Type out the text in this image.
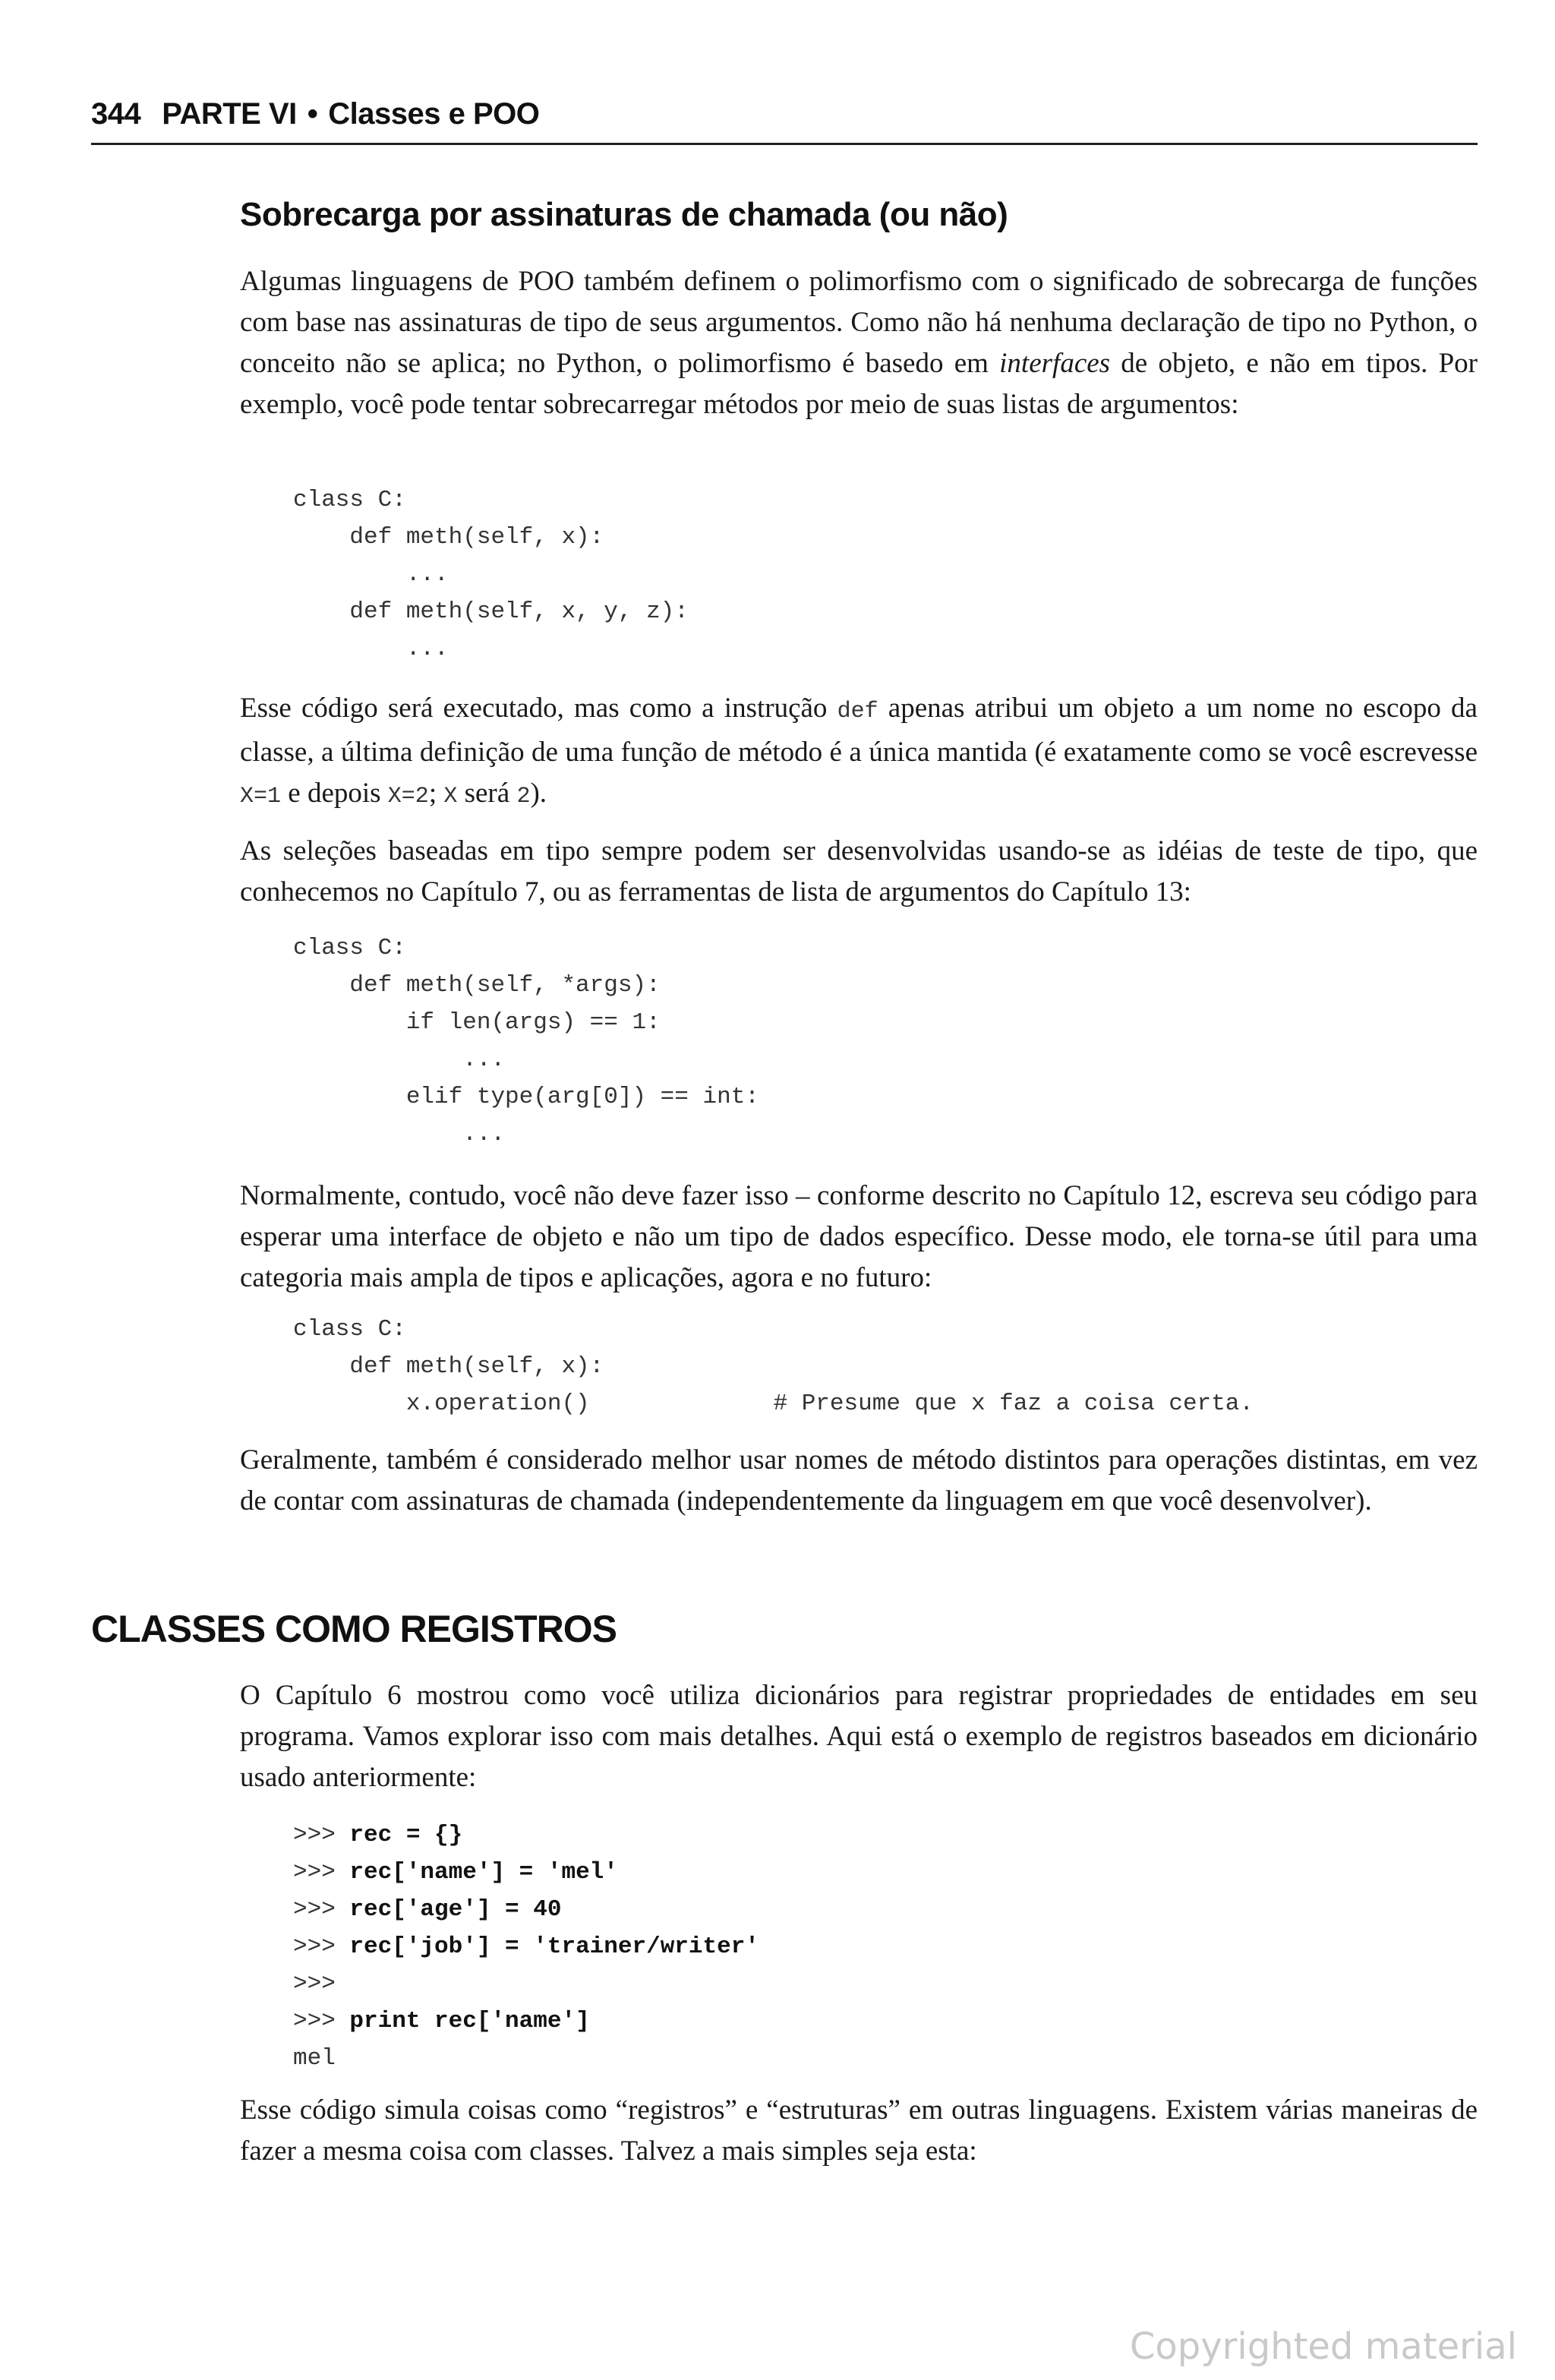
344 PARTE VI • Classes e POO
Sobrecarga por assinaturas de chamada (ou não)

Algumas linguagens de POO também definem o polimorfismo com o significado de sobrecarga de funções com base nas assinaturas de tipo de seus argumentos. Como não há nenhuma declaração de tipo no Python, o conceito não se aplica; no Python, o polimorfismo é basedo em interfaces de objeto, e não em tipos. Por exemplo, você pode tentar sobrecarregar métodos por meio de suas listas de argumentos:

class C:
def meth(self, x):
...
def meth(self, x, y, z):
...

Esse código será executado, mas como a instrução def apenas atribui um objeto a um nome no escopo da classe, a última definição de uma função de método é a única mantida (é exatamente como se você escrevesse X=1 e depois X=2; X será 2).

As seleções baseadas em tipo sempre podem ser desenvolvidas usando-se as idéias de teste de tipo, que conhecemos no Capítulo 7, ou as ferramentas de lista de argumentos do Capítulo 13:

class C:
def meth(self, *args):
if len(args) == 1:
...
elif type(arg[0]) == int:
...

Normalmente, contudo, você não deve fazer isso – conforme descrito no Capítulo 12, escreva seu código para esperar uma interface de objeto e não um tipo de dados específico. Desse modo, ele torna-se útil para uma categoria mais ampla de tipos e aplicações, agora e no futuro:

class C:
def meth(self, x):
x.operation()             # Presume que x faz a coisa certa.

Geralmente, também é considerado melhor usar nomes de método distintos para operações distintas, em vez de contar com assinaturas de chamada (independentemente da linguagem em que você desenvolver).

CLASSES COMO REGISTROS

O Capítulo 6 mostrou como você utiliza dicionários para registrar propriedades de entidades em seu programa. Vamos explorar isso com mais detalhes. Aqui está o exemplo de registros baseados em dicionário usado anteriormente:

>>> rec = {}
>>> rec['name'] = 'mel'
>>> rec['age'] = 40
>>> rec['job'] = 'trainer/writer'
>>>
>>> print rec['name']
mel

Esse código simula coisas como “registros” e “estruturas” em outras linguagens. Existem várias maneiras de fazer a mesma coisa com classes. Talvez a mais simples seja esta:

Copyrighted material
